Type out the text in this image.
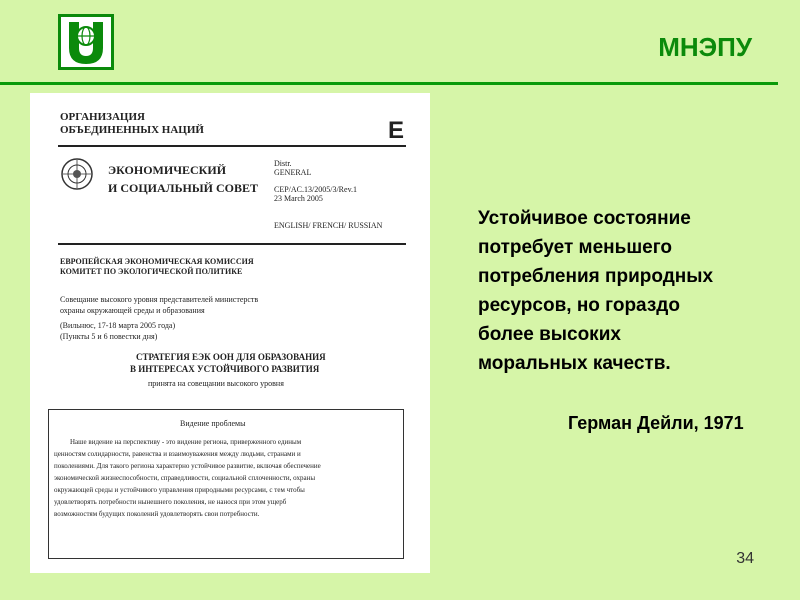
МНЭПУ
ОРГАНИЗАЦИЯ
ОБЪЕДИНЕННЫХ НАЦИЙ	E
ЭКОНОМИЧЕСКИЙ
И СОЦИАЛЬНЫЙ СОВЕТ
Distr.
GENERAL
CEP/AC.13/2005/3/Rev.1
23 March 2005
ENGLISH/ FRENCH/ RUSSIAN
ЕВРОПЕЙСКАЯ ЭКОНОМИЧЕСКАЯ КОМИССИЯ
КОМИТЕТ ПО ЭКОЛОГИЧЕСКОЙ ПОЛИТИКЕ
Совещание высокого уровня представителей министерств
охраны окружающей среды и образования
(Вильнюс, 17-18 марта 2005 года)
(Пункты 5 и 6 повестки дня)
СТРАТЕГИЯ ЕЭК ООН ДЛЯ ОБРАЗОВАНИЯ
В ИНТЕРЕСАХ УСТОЙЧИВОГО РАЗВИТИЯ
принята на совещании высокого уровня
Видение проблемы
Наше видение на перспективу - это видение региона, приверженного единым
ценностям солидарности, равенства и взаимоуважения между людьми, странами и
поколениями. Для такого региона характерно устойчивое развитие, включая обеспечение
экономической жизнеспособности, справедливости, социальной сплоченности, охраны
окружающей среды и устойчивого управления природными ресурсами, с тем чтобы
удовлетворять потребности нынешнего поколения, не нанося при этом ущерб
возможностям будущих поколений удовлетворять свои потребности.
Устойчивое состояние
потребует меньшего
потребления природных
ресурсов, но гораздо
более высоких
моральных качеств.
Герман Дейли, 1971
34
